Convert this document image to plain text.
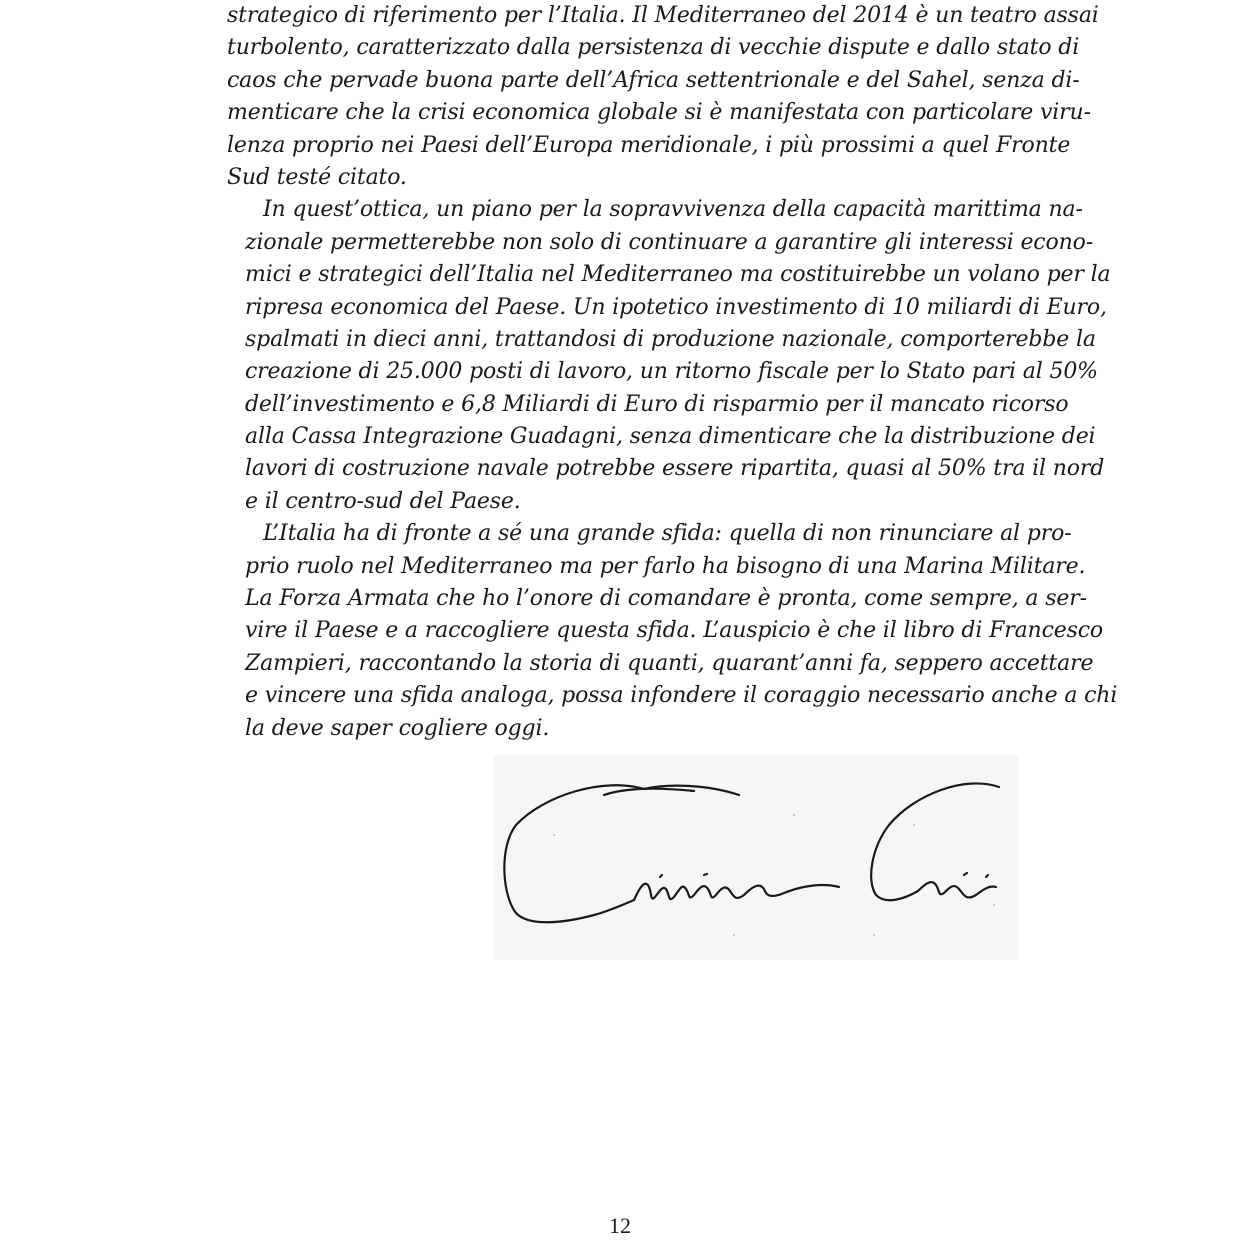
strategico di riferimento per l’Italia. Il Mediterraneo del 2014 è un teatro assai
turbolento, caratterizzato dalla persistenza di vecchie dispute e dallo stato di
caos che pervade buona parte dell’Africa settentrionale e del Sahel, senza di-
menticare che la crisi economica globale si è manifestata con particolare viru-
lenza proprio nei Paesi dell’Europa meridionale, i più prossimi a quel Fronte
Sud testé citato.

In quest’ottica, un piano per la sopravvivenza della capacità marittima na-
zionale permetterebbe non solo di continuare a garantire gli interessi econo-
mici e strategici dell’Italia nel Mediterraneo ma costituirebbe un volano per la
ripresa economica del Paese. Un ipotetico investimento di 10 miliardi di Euro,
spalmati in dieci anni, trattandosi di produzione nazionale, comporterebbe la
creazione di 25.000 posti di lavoro, un ritorno fiscale per lo Stato pari al 50%
dell’investimento e 6,8 Miliardi di Euro di risparmio per il mancato ricorso
alla Cassa Integrazione Guadagni, senza dimenticare che la distribuzione dei
lavori di costruzione navale potrebbe essere ripartita, quasi al 50% tra il nord
e il centro-sud del Paese.

L’Italia ha di fronte a sé una grande sfida: quella di non rinunciare al pro-
prio ruolo nel Mediterraneo ma per farlo ha bisogno di una Marina Militare.
La Forza Armata che ho l’onore di comandare è pronta, come sempre, a ser-
vire il Paese e a raccogliere questa sfida. L’auspicio è che il libro di Francesco
Zampieri, raccontando la storia di quanti, quarant’anni fa, seppero accettare
e vincere una sfida analoga, possa infondere il coraggio necessario anche a chi
la deve saper cogliere oggi.

12
